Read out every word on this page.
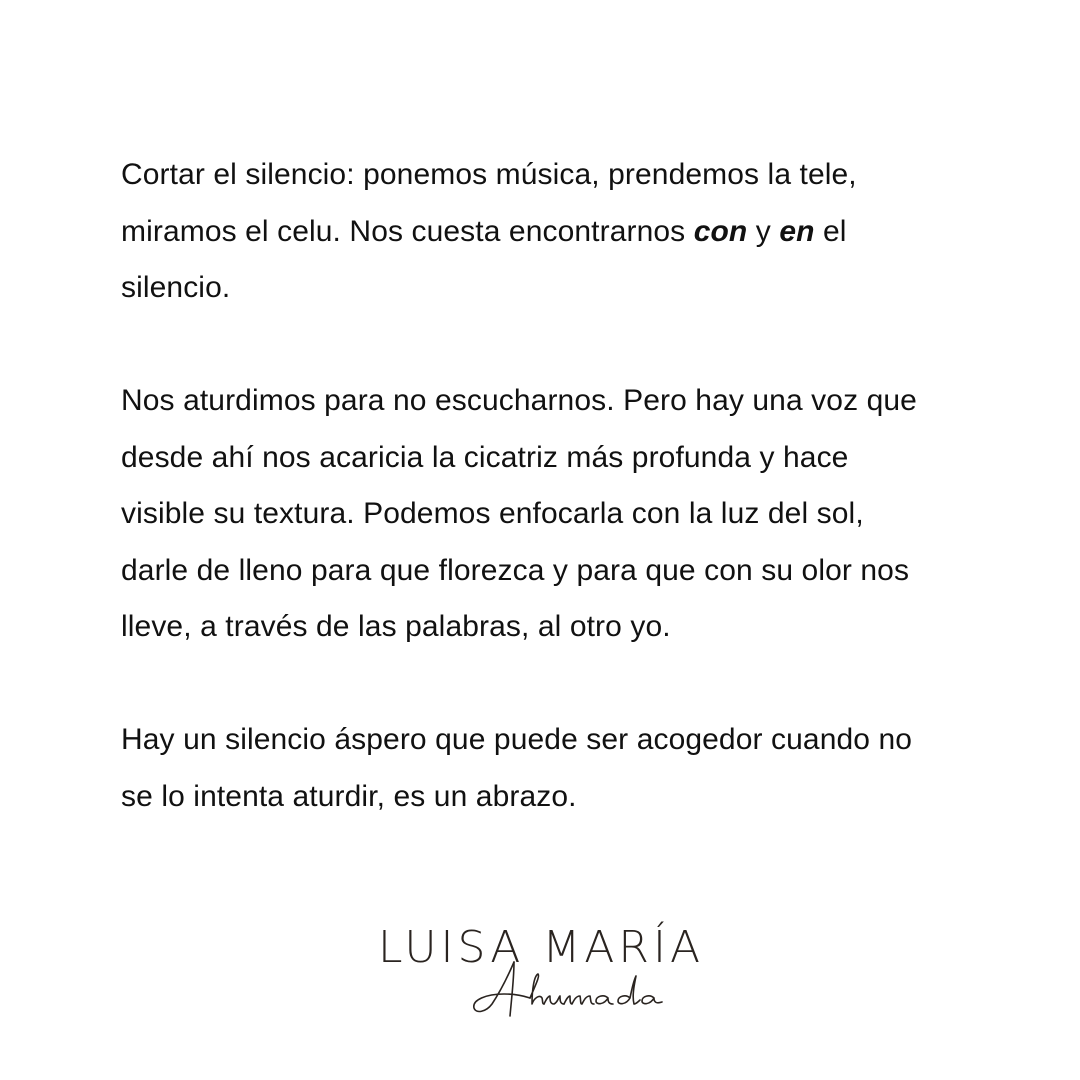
Cortar el silencio: ponemos música, prendemos la tele,
miramos el celu. Nos cuesta encontrarnos con y en el
silencio.

Nos aturdimos para no escucharnos. Pero hay una voz que
desde ahí nos acaricia la cicatriz más profunda y hace
visible su textura. Podemos enfocarla con la luz del sol,
darle de lleno para que florezca y para que con su olor nos
lleve, a través de las palabras, al otro yo.

Hay un silencio áspero que puede ser acogedor cuando no
se lo intenta aturdir, es un abrazo.

LUISA MARÍA
